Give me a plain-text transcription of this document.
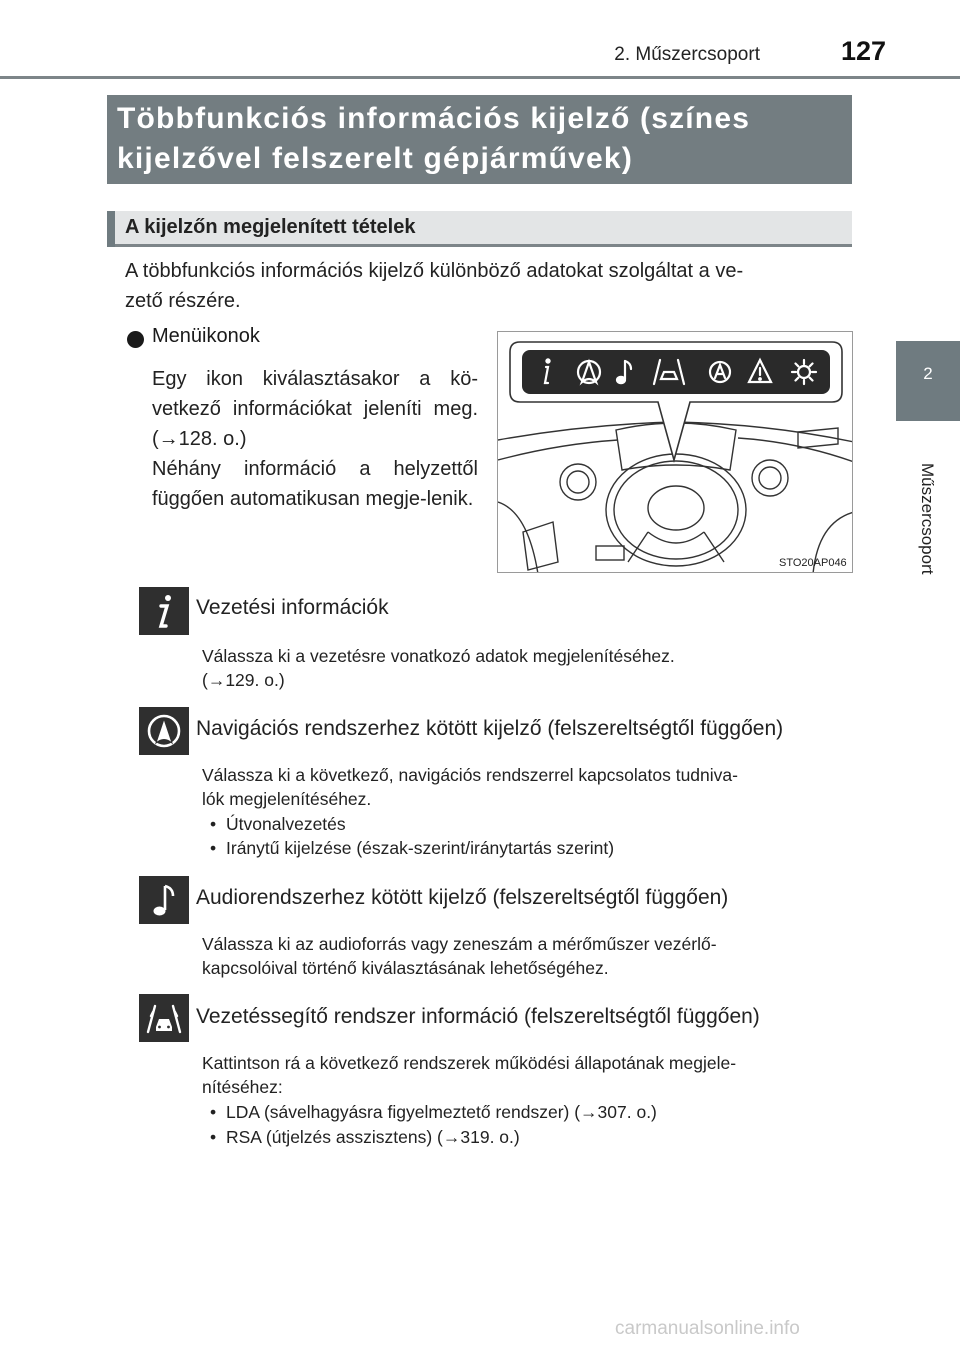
2. Műszercsoport	127
2
Műszercsoport
Többfunkciós információs kijelző (színes
kijelzővel felszerelt gépjárművek)
A kijelzőn megjelenített tételek
A többfunkciós információs kijelző különböző adatokat szolgáltat a ve-
zető részére.
Menüikonok
Egy ikon kiválasztásakor a kö-vetkező információkat jeleníti meg. (→128. o.)
Néhány információ a helyzettől függően automatikusan megje-lenik.
STO20AP046
Vezetési információk
Válassza ki a vezetésre vonatkozó adatok megjelenítéséhez.
(→129. o.)
Navigációs rendszerhez kötött kijelző (felszereltségtől függően)
Válassza ki a következő, navigációs rendszerrel kapcsolatos tudniva-
lók megjelenítéséhez.
• Útvonalvezetés
• Iránytű kijelzése (észak-szerint/iránytartás szerint)
Audiorendszerhez kötött kijelző (felszereltségtől függően)
Válassza ki az audioforrás vagy zeneszám a mérőműszer vezérlő-
kapcsolóival történő kiválasztásának lehetőségéhez.
Vezetéssegítő rendszer információ (felszereltségtől függően)
Kattintson rá a következő rendszerek működési állapotának megjele-
nítéséhez:
• LDA (sávelhagyásra figyelmeztető rendszer) (→307. o.)
• RSA (útjelzés asszisztens) (→319. o.)
carmanualsonline.info
